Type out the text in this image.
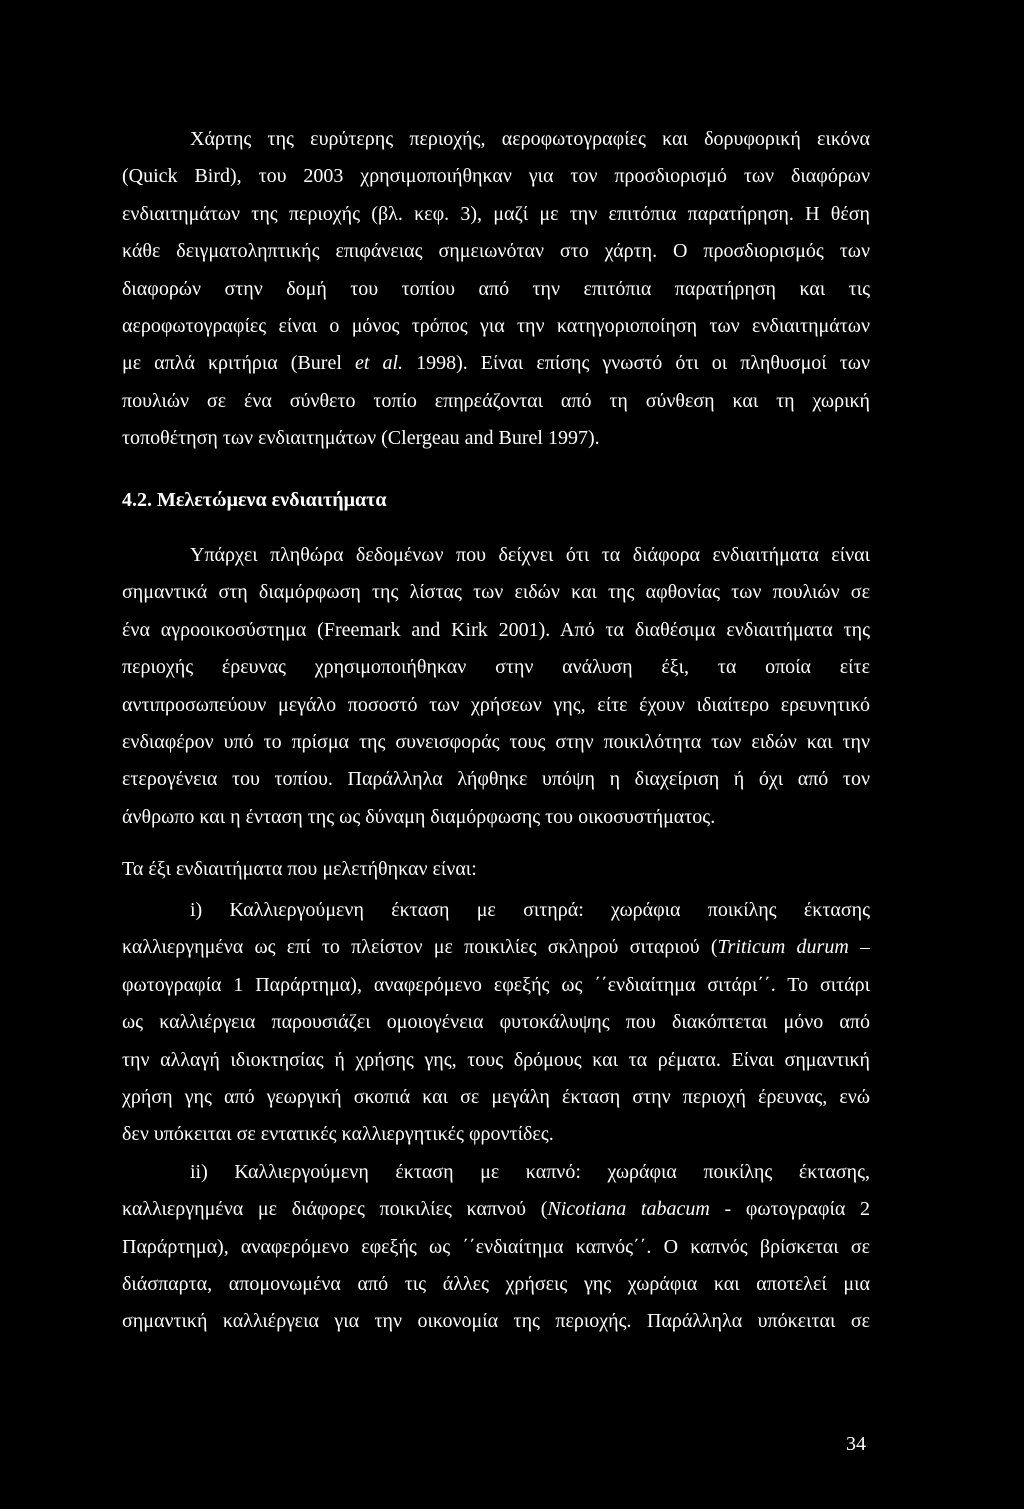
Χάρτης της ευρύτερης περιοχής, αεροφωτογραφίες και δορυφορική εικόνα
(Quick Bird), του 2003 χρησιμοποιήθηκαν για τον προσδιορισμό των διαφόρων
ενδιαιτημάτων της περιοχής (βλ. κεφ. 3), μαζί με την επιτόπια παρατήρηση. Η θέση
κάθε δειγματοληπτικής επιφάνειας σημειωνόταν στο χάρτη. Ο προσδιορισμός των
διαφορών στην δομή του τοπίου από την επιτόπια παρατήρηση και τις
αεροφωτογραφίες είναι ο μόνος τρόπος για την κατηγοριοποίηση των ενδιαιτημάτων
με απλά κριτήρια (Burel et al. 1998). Είναι επίσης γνωστό ότι οι πληθυσμοί των
πουλιών σε ένα σύνθετο τοπίο επηρεάζονται από τη σύνθεση και τη χωρική
τοποθέτηση των ενδιαιτημάτων (Clergeau and Burel 1997).
4.2. Μελετώμενα ενδιαιτήματα
Υπάρχει πληθώρα δεδομένων που δείχνει ότι τα διάφορα ενδιαιτήματα είναι
σημαντικά στη διαμόρφωση της λίστας των ειδών και της αφθονίας των πουλιών σε
ένα αγροοικοσύστημα (Freemark and Kirk 2001). Από τα διαθέσιμα ενδιαιτήματα της
περιοχής έρευνας χρησιμοποιήθηκαν στην ανάλυση έξι, τα οποία είτε
αντιπροσωπεύουν μεγάλο ποσοστό των χρήσεων γης, είτε έχουν ιδιαίτερο ερευνητικό
ενδιαφέρον υπό το πρίσμα της συνεισφοράς τους στην ποικιλότητα των ειδών και την
ετερογένεια του τοπίου. Παράλληλα λήφθηκε υπόψη η διαχείριση ή όχι από τον
άνθρωπο και η ένταση της ως δύναμη διαμόρφωσης του οικοσυστήματος.
Τα έξι ενδιαιτήματα που μελετήθηκαν είναι:
i) Καλλιεργούμενη έκταση με σιτηρά: χωράφια ποικίλης έκτασης
καλλιεργημένα ως επί το πλείστον με ποικιλίες σκληρού σιταριού (Triticum durum –
φωτογραφία 1 Παράρτημα), αναφερόμενο εφεξής ως ΄΄ενδιαίτημα σιτάρι΄΄. Το σιτάρι
ως καλλιέργεια παρουσιάζει ομοιογένεια φυτοκάλυψης που διακόπτεται μόνο από
την αλλαγή ιδιοκτησίας ή χρήσης γης, τους δρόμους και τα ρέματα. Είναι σημαντική
χρήση γης από γεωργική σκοπιά και σε μεγάλη έκταση στην περιοχή έρευνας, ενώ
δεν υπόκειται σε εντατικές καλλιεργητικές φροντίδες.
ii) Καλλιεργούμενη έκταση με καπνό: χωράφια ποικίλης έκτασης,
καλλιεργημένα με διάφορες ποικιλίες καπνού (Nicotiana tabacum - φωτογραφία 2
Παράρτημα), αναφερόμενο εφεξής ως ΄΄ενδιαίτημα καπνός΄΄. Ο καπνός βρίσκεται σε
διάσπαρτα, απομονωμένα από τις άλλες χρήσεις γης χωράφια και αποτελεί μια
σημαντική καλλιέργεια για την οικονομία της περιοχής. Παράλληλα υπόκειται σε
34
